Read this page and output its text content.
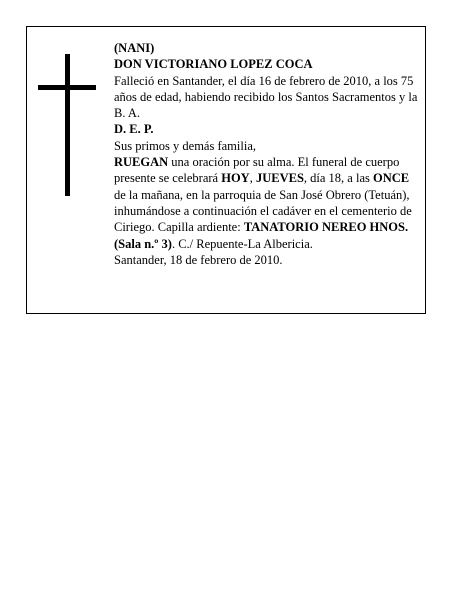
(NANI)

DON VICTORIANO LOPEZ COCA

Falleció en Santander, el día 16 de febrero de 2010, a los 75 años de edad, habiendo recibido los Santos Sacramentos y la B. A.

D. E. P.

Sus primos y demás familia,

RUEGAN una oración por su alma. El funeral de cuerpo presente se celebrará HOY, JUEVES, día 18, a las ONCE de la mañana, en la parroquia de San José Obrero (Tetuán), inhumándose a continuación el cadáver en el cementerio de Ciriego. Capilla ardiente: TANATORIO NEREO HNOS. (Sala n.º 3). C./ Repuente-La Albericia.

Santander, 18 de febrero de 2010.
